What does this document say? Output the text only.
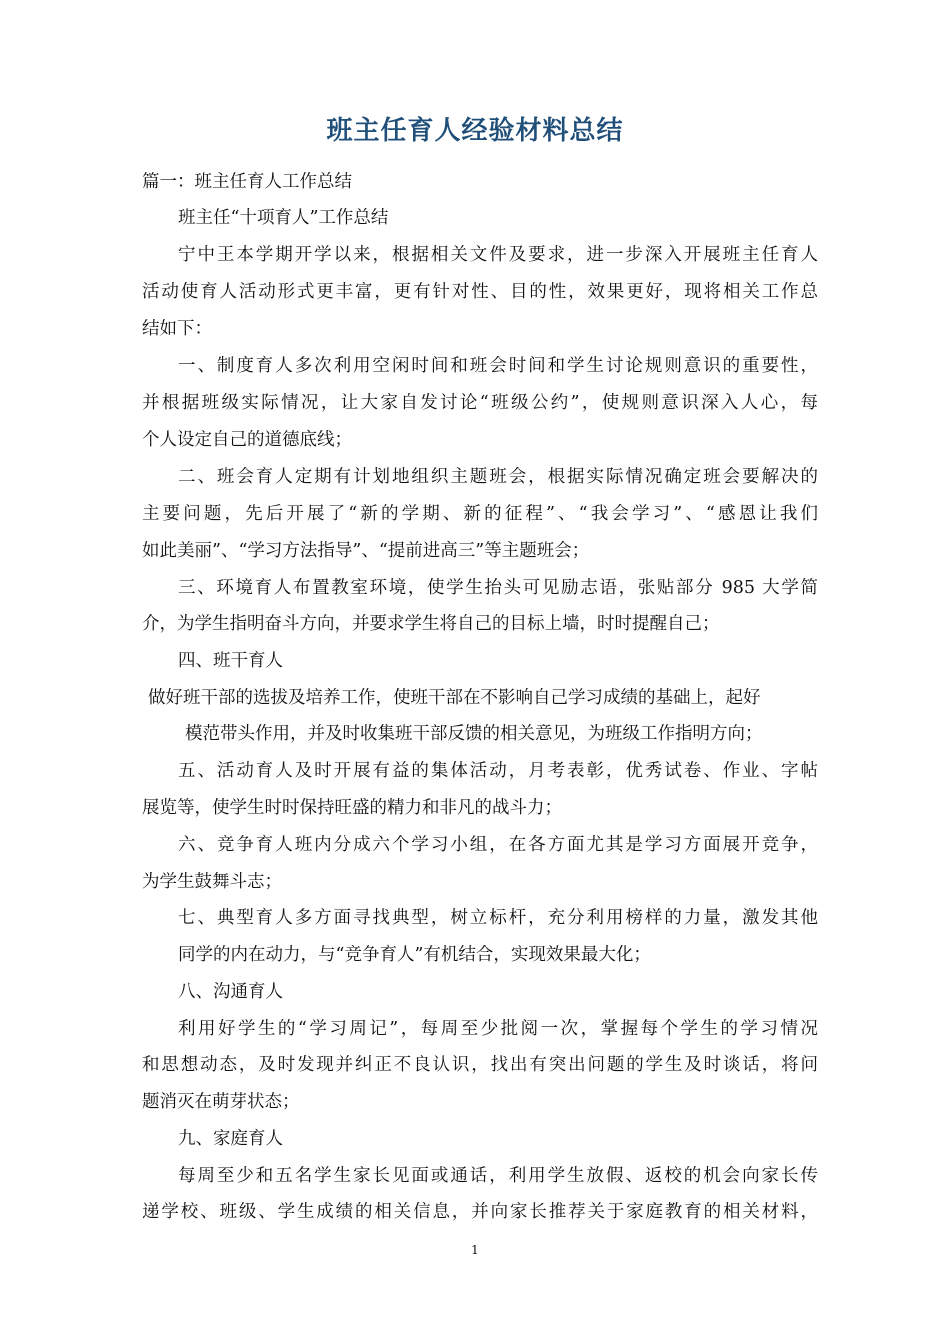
班主任育人经验材料总结
篇一：班主任育人工作总结
班主任“十项育人”工作总结
宁中王本学期开学以来，根据相关文件及要求，进一步深入开展班主任育人
活动使育人活动形式更丰富，更有针对性、目的性，效果更好，现将相关工作总
结如下：
一、制度育人多次利用空闲时间和班会时间和学生讨论规则意识的重要性，
并根据班级实际情况，让大家自发讨论“班级公约”，使规则意识深入人心，每
个人设定自己的道德底线；
二、班会育人定期有计划地组织主题班会，根据实际情况确定班会要解决的
主要问题，先后开展了“新的学期、新的征程”、“我会学习”、“感恩让我们
如此美丽”、“学习方法指导”、“提前进高三”等主题班会；
三、环境育人布置教室环境，使学生抬头可见励志语，张贴部分 985 大学简
介，为学生指明奋斗方向，并要求学生将自己的目标上墙，时时提醒自己；
四、班干育人
做好班干部的选拔及培养工作，使班干部在不影响自己学习成绩的基础上，起好
模范带头作用，并及时收集班干部反馈的相关意见，为班级工作指明方向；
五、活动育人及时开展有益的集体活动，月考表彰，优秀试卷、作业、字帖
展览等，使学生时时保持旺盛的精力和非凡的战斗力；
六、竞争育人班内分成六个学习小组，在各方面尤其是学习方面展开竞争，
为学生鼓舞斗志；
七、典型育人多方面寻找典型，树立标杆，充分利用榜样的力量，激发其他
同学的内在动力，与“竞争育人”有机结合，实现效果最大化；
八、沟通育人
利用好学生的“学习周记”，每周至少批阅一次，掌握每个学生的学习情况
和思想动态，及时发现并纠正不良认识，找出有突出问题的学生及时谈话，将问
题消灭在萌芽状态；
九、家庭育人
每周至少和五名学生家长见面或通话，利用学生放假、返校的机会向家长传
递学校、班级、学生成绩的相关信息，并向家长推荐关于家庭教育的相关材料，
1
